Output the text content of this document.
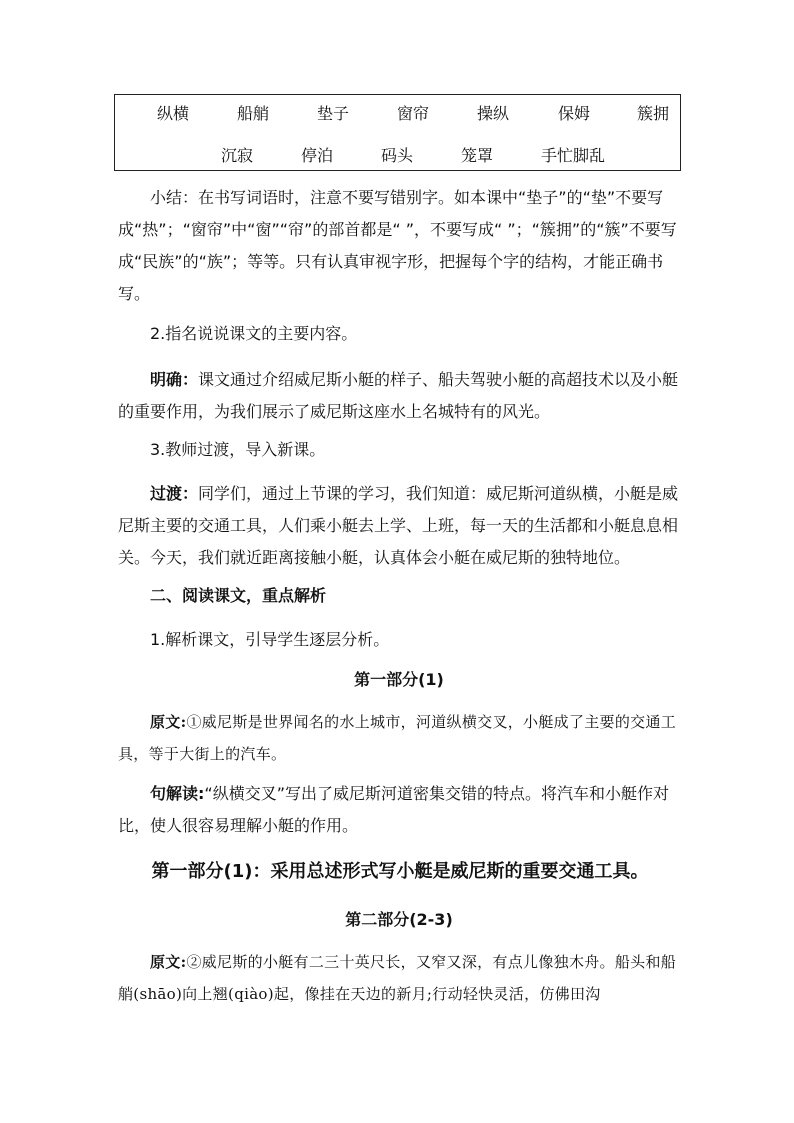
纵横	船艄	垫子	窗帘	操纵	保姆	簇拥
沉寂	停泊	码头	笼罩	手忙脚乱

小结：在书写词语时，注意不要写错别字。如本课中“垫子”的“垫”不要写成“热”；“窗帘”中“窗”“帘”的部首都是“ ”，不要写成“ ”；“簇拥”的“簇”不要写成“民族”的“族”；等等。只有认真审视字形，把握每个字的结构，才能正确书写。

2.指名说说课文的主要内容。

明确：课文通过介绍威尼斯小艇的样子、船夫驾驶小艇的高超技术以及小艇的重要作用，为我们展示了威尼斯这座水上名城特有的风光。

3.教师过渡，导入新课。

过渡：同学们，通过上节课的学习，我们知道：威尼斯河道纵横，小艇是威尼斯主要的交通工具，人们乘小艇去上学、上班，每一天的生活都和小艇息息相关。今天，我们就近距离接触小艇，认真体会小艇在威尼斯的独特地位。

二、阅读课文，重点解析

1.解析课文，引导学生逐层分析。

第一部分(1)

原文:①威尼斯是世界闻名的水上城市，河道纵横交叉，小艇成了主要的交通工具，等于大街上的汽车。

句解读:“纵横交叉”写出了威尼斯河道密集交错的特点。将汽车和小艇作对比，使人很容易理解小艇的作用。

第一部分(1)：采用总述形式写小艇是威尼斯的重要交通工具。

第二部分(2-3)

原文:②威尼斯的小艇有二三十英尺长，又窄又深，有点儿像独木舟。船头和船艄(shāo)向上翘(qiào)起，像挂在天边的新月;行动轻快灵活，仿佛田沟
